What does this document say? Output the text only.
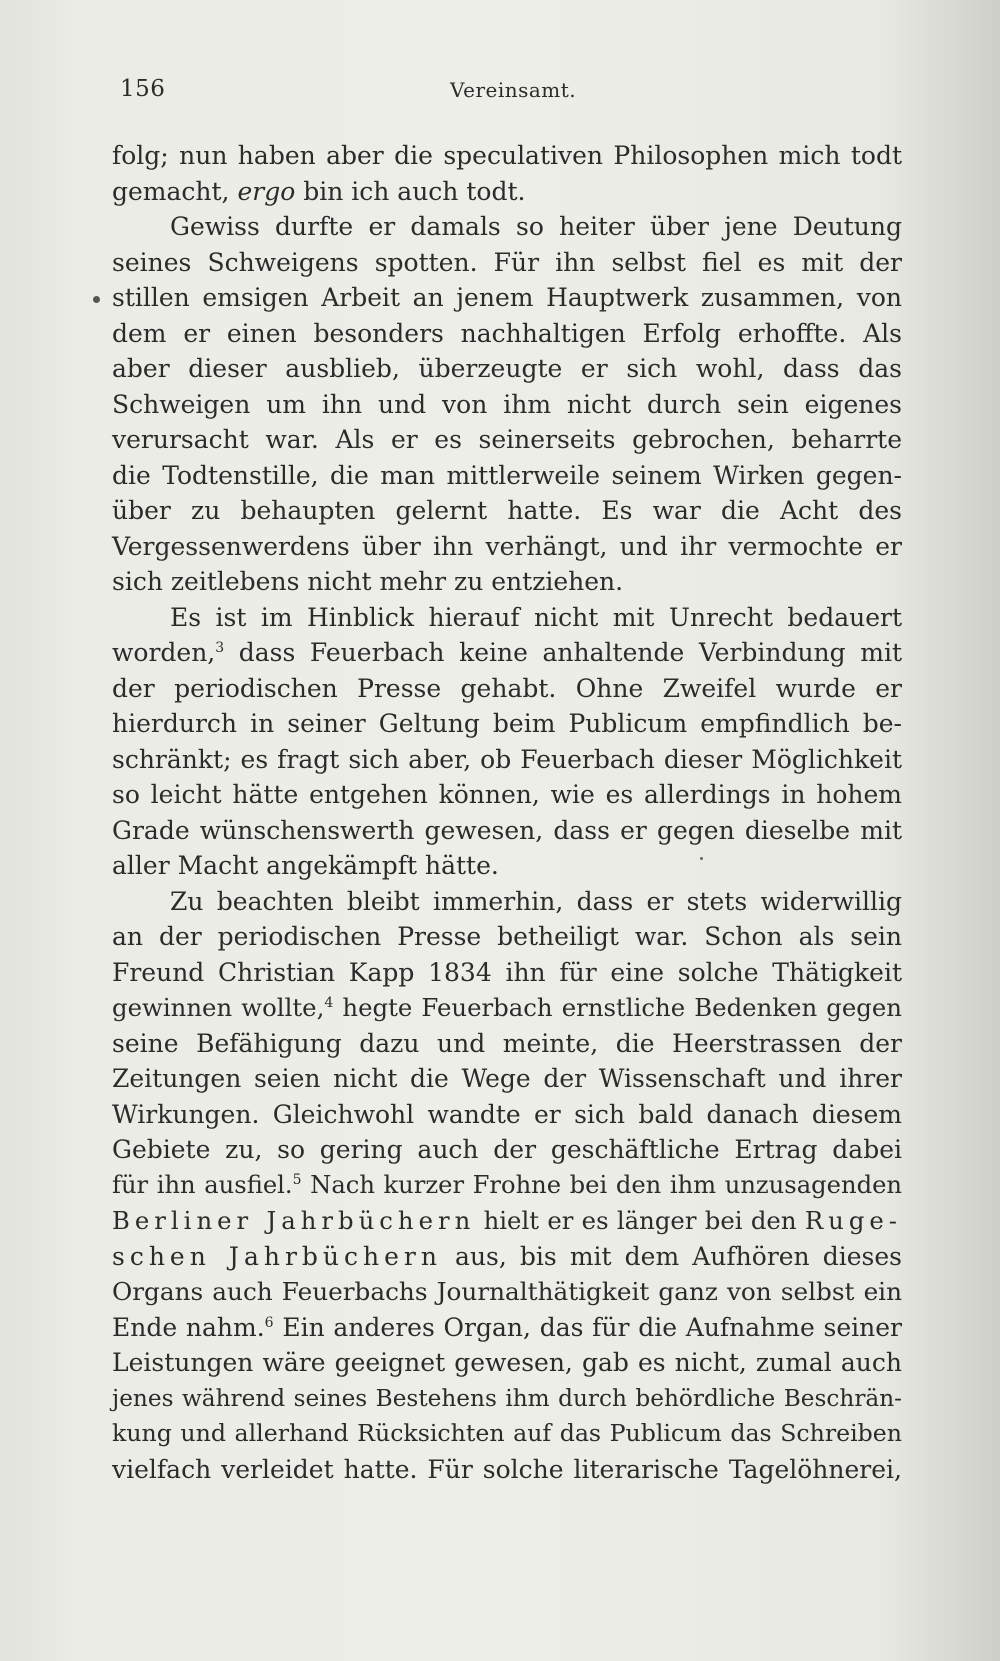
156	Vereinsamt.
folg; nun haben aber die speculativen Philosophen mich todt
gemacht, ergo bin ich auch todt.
Gewiss durfte er damals so heiter über jene Deutung
seines Schweigens spotten. Für ihn selbst fiel es mit der
stillen emsigen Arbeit an jenem Hauptwerk zusammen, von
dem er einen besonders nachhaltigen Erfolg erhoffte. Als
aber dieser ausblieb, überzeugte er sich wohl, dass das
Schweigen um ihn und von ihm nicht durch sein eigenes
verursacht war. Als er es seinerseits gebrochen, beharrte
die Todtenstille, die man mittlerweile seinem Wirken gegen-
über zu behaupten gelernt hatte. Es war die Acht des
Vergessenwerdens über ihn verhängt, und ihr vermochte er
sich zeitlebens nicht mehr zu entziehen.
Es ist im Hinblick hierauf nicht mit Unrecht bedauert
worden,$^3$ dass Feuerbach keine anhaltende Verbindung mit
der periodischen Presse gehabt. Ohne Zweifel wurde er
hierdurch in seiner Geltung beim Publicum empfindlich be-
schränkt; es fragt sich aber, ob Feuerbach dieser Möglichkeit
so leicht hätte entgehen können, wie es allerdings in hohem
Grade wünschenswerth gewesen, dass er gegen dieselbe mit
aller Macht angekämpft hätte.
Zu beachten bleibt immerhin, dass er stets widerwillig
an der periodischen Presse betheiligt war. Schon als sein
Freund Christian Kapp 1834 ihn für eine solche Thätigkeit
gewinnen wollte,$^4$ hegte Feuerbach ernstliche Bedenken gegen
seine Befähigung dazu und meinte, die Heerstrassen der
Zeitungen seien nicht die Wege der Wissenschaft und ihrer
Wirkungen. Gleichwohl wandte er sich bald danach diesem
Gebiete zu, so gering auch der geschäftliche Ertrag dabei
für ihn ausfiel.$^5$ Nach kurzer Frohne bei den ihm unzusagenden
Berliner Jahrbüchern hielt er es länger bei den Ruge-
schen Jahrbüchern aus, bis mit dem Aufhören dieses
Organs auch Feuerbachs Journalthätigkeit ganz von selbst ein
Ende nahm.$^6$ Ein anderes Organ, das für die Aufnahme seiner
Leistungen wäre geeignet gewesen, gab es nicht, zumal auch
jenes während seines Bestehens ihm durch behördliche Beschrän-
kung und allerhand Rücksichten auf das Publicum das Schreiben
vielfach verleidet hatte. Für solche literarische Tagelöhnerei,
